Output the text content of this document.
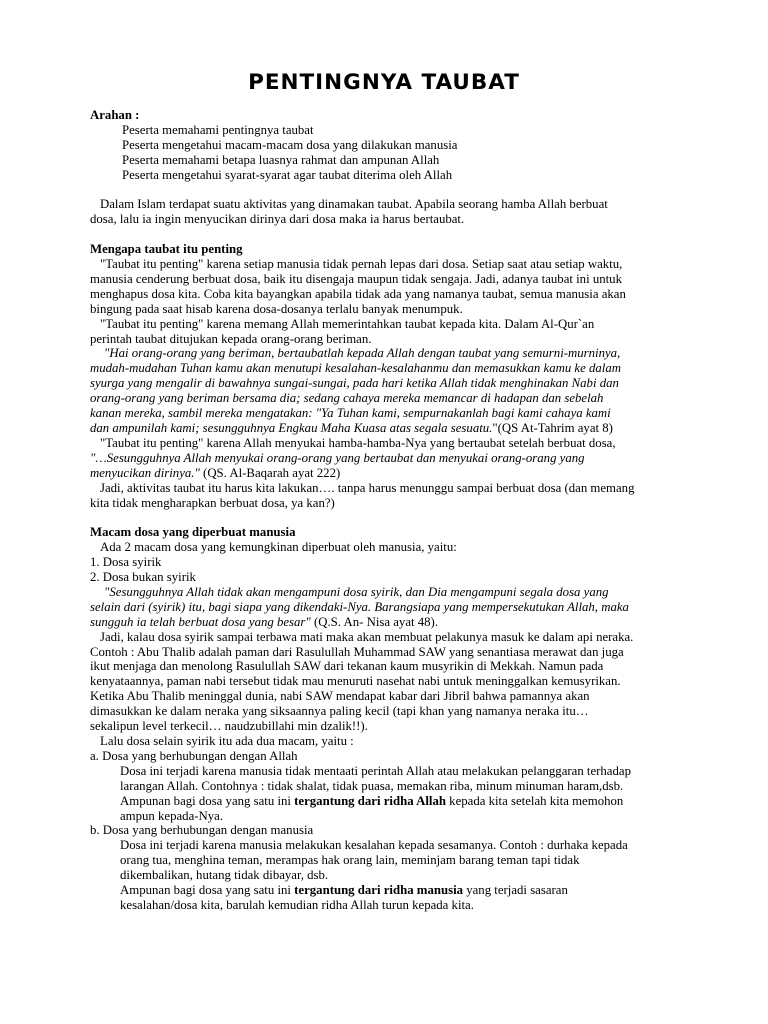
PENTINGNYA TAUBAT

Arahan :

Peserta memahami pentingnya taubat

Peserta mengetahui macam-macam dosa yang dilakukan manusia

Peserta memahami betapa luasnya rahmat dan ampunan Allah

Peserta mengetahui syarat-syarat agar taubat diterima oleh Allah

Dalam Islam terdapat suatu aktivitas yang dinamakan taubat. Apabila seorang hamba Allah berbuat

dosa, lalu ia ingin menyucikan dirinya dari dosa maka ia harus bertaubat.

Mengapa taubat itu penting

"Taubat itu penting" karena setiap manusia tidak pernah lepas dari dosa. Setiap saat atau setiap waktu,

manusia cenderung berbuat dosa, baik itu disengaja maupun tidak sengaja. Jadi, adanya taubat ini untuk

menghapus dosa kita. Coba kita bayangkan apabila tidak ada yang namanya taubat, semua manusia akan

bingung pada saat hisab karena dosa-dosanya terlalu banyak menumpuk.

"Taubat itu penting" karena memang Allah memerintahkan taubat kepada kita. Dalam Al-Qur`an

perintah taubat ditujukan kepada orang-orang beriman.

"Hai orang-orang yang beriman, bertaubatlah kepada Allah dengan taubat yang semurni-murninya,

mudah-mudahan Tuhan kamu akan menutupi kesalahan-kesalahanmu dan memasukkan kamu ke dalam

syurga yang mengalir di bawahnya sungai-sungai, pada hari ketika Allah tidak menghinakan Nabi dan

orang-orang yang beriman bersama dia; sedang cahaya mereka memancar di hadapan dan sebelah

kanan mereka, sambil mereka mengatakan: "Ya Tuhan kami, sempurnakanlah bagi kami cahaya kami

dan ampunilah kami; sesungguhnya Engkau Maha Kuasa atas segala sesuatu."(QS At-Tahrim ayat 8)

"Taubat itu penting" karena Allah menyukai hamba-hamba-Nya yang bertaubat setelah berbuat dosa,

"…Sesungguhnya Allah menyukai orang-orang yang bertaubat dan menyukai orang-orang yang

menyucikan dirinya." (QS. Al-Baqarah ayat 222)

Jadi, aktivitas taubat itu harus kita lakukan…. tanpa harus menunggu sampai berbuat dosa (dan memang

kita tidak mengharapkan berbuat dosa, ya kan?)

Macam dosa yang diperbuat manusia

Ada 2 macam dosa yang kemungkinan diperbuat oleh manusia, yaitu:

1. Dosa syirik

2. Dosa bukan syirik

"Sesungguhnya Allah tidak akan mengampuni dosa syirik, dan Dia mengampuni segala dosa yang

selain dari (syirik) itu, bagi siapa yang dikendaki-Nya. Barangsiapa yang mempersekutukan Allah, maka

sungguh ia telah berbuat dosa yang besar" (Q.S. An- Nisa ayat 48).

Jadi, kalau dosa syirik sampai terbawa mati maka akan membuat pelakunya masuk ke dalam api neraka.

Contoh : Abu Thalib adalah paman dari Rasulullah Muhammad SAW yang senantiasa merawat dan juga

ikut menjaga dan menolong Rasulullah SAW dari tekanan kaum musyrikin di Mekkah. Namun pada

kenyataannya, paman nabi tersebut tidak mau menuruti nasehat nabi untuk meninggalkan kemusyrikan.

Ketika Abu Thalib meninggal dunia, nabi SAW mendapat kabar dari Jibril bahwa pamannya akan

dimasukkan ke dalam neraka yang siksaannya paling kecil (tapi khan yang namanya neraka itu…

sekalipun level terkecil… naudzubillahi min dzalik!!).

Lalu dosa selain syirik itu ada dua macam, yaitu :

a. Dosa yang berhubungan dengan Allah

Dosa ini terjadi karena manusia tidak mentaati perintah Allah atau melakukan pelanggaran terhadap

larangan Allah. Contohnya : tidak shalat, tidak puasa, memakan riba, minum minuman haram,dsb.

Ampunan bagi dosa yang satu ini tergantung dari ridha Allah kepada kita setelah kita memohon

ampun kepada-Nya.

b. Dosa yang berhubungan dengan manusia

Dosa ini terjadi karena manusia melakukan kesalahan kepada sesamanya. Contoh : durhaka kepada

orang tua, menghina teman, merampas hak orang lain, meminjam barang teman tapi tidak

dikembalikan, hutang tidak dibayar, dsb.

Ampunan bagi dosa yang satu ini tergantung dari ridha manusia yang terjadi sasaran

kesalahan/dosa kita, barulah kemudian ridha Allah turun kepada kita.
